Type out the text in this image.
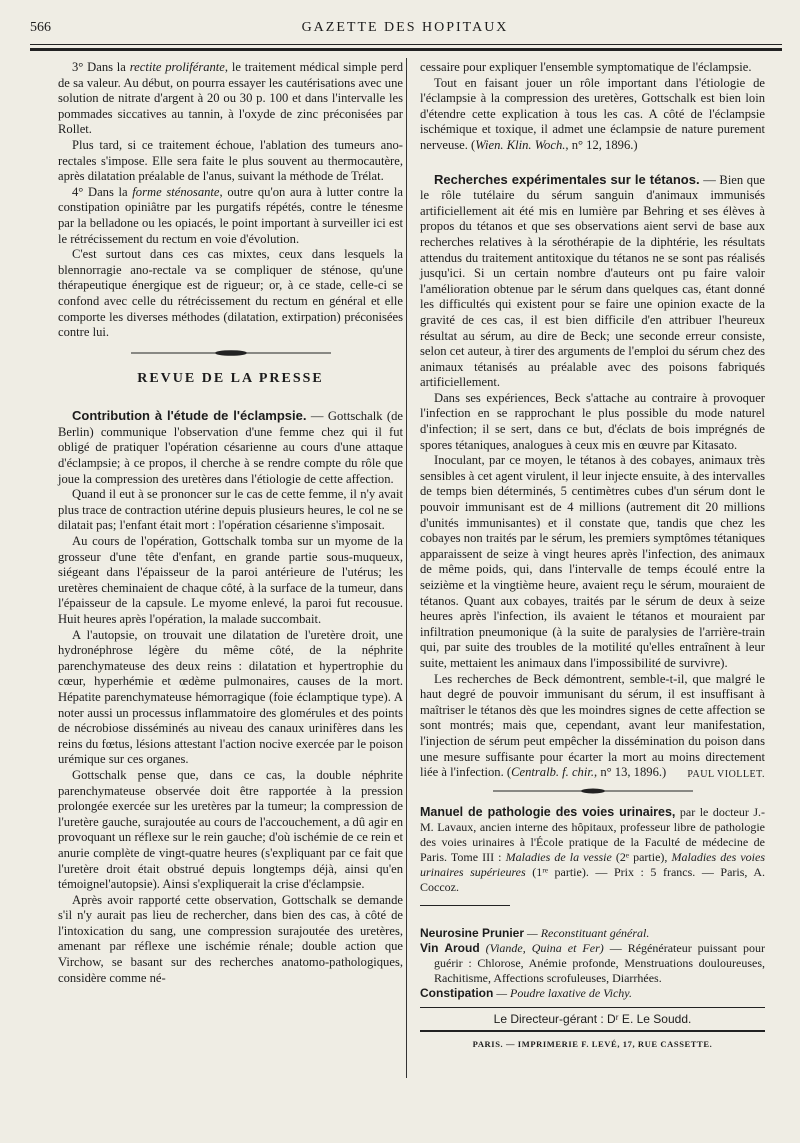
566	GAZETTE DES HOPITAUX

3° Dans la rectite proliférante, le traitement médical simple perd de sa valeur. Au début, on pourra essayer les cautérisations avec une solution de nitrate d'argent à 20 ou 30 p. 100 et dans l'intervalle les pommades siccatives au tannin, à l'oxyde de zinc préconisées par Rollet.

Plus tard, si ce traitement échoue, l'ablation des tumeurs ano-rectales s'impose. Elle sera faite le plus souvent au thermocautère, après dilatation préalable de l'anus, suivant la méthode de Trélat.

4° Dans la forme sténosante, outre qu'on aura à lutter contre la constipation opiniâtre par les purgatifs répétés, contre le ténesme par la belladone ou les opiacés, le point important à surveiller ici est le rétrécissement du rectum en voie d'évolution.

C'est surtout dans ces cas mixtes, ceux dans lesquels la blennorragie ano-rectale va se compliquer de sténose, qu'une thérapeutique énergique est de rigueur; or, à ce stade, celle-ci se confond avec celle du rétrécissement du rectum en général et elle comporte les diverses méthodes (dilatation, extirpation) préconisées contre lui.

REVUE DE LA PRESSE

Contribution à l'étude de l'éclampsie. — Gottschalk (de Berlin) communique l'observation d'une femme chez qui il fut obligé de pratiquer l'opération césarienne au cours d'une attaque d'éclampsie; à ce propos, il cherche à se rendre compte du rôle que joue la compression des uretères dans l'étiologie de cette affection.

Quand il eut à se prononcer sur le cas de cette femme, il n'y avait plus trace de contraction utérine depuis plusieurs heures, le col ne se dilatait pas; l'enfant était mort : l'opération césarienne s'imposait.

Au cours de l'opération, Gottschalk tomba sur un myome de la grosseur d'une tête d'enfant, en grande partie sous-muqueux, siégeant dans l'épaisseur de la paroi antérieure de l'utérus; les uretères cheminaient de chaque côté, à la surface de la tumeur, dans l'épaisseur de la capsule. Le myome enlevé, la paroi fut recousue. Huit heures après l'opération, la malade succombait.

A l'autopsie, on trouvait une dilatation de l'uretère droit, une hydronéphrose légère du même côté, de la néphrite parenchymateuse des deux reins : dilatation et hypertrophie du cœur, hyperhémie et œdème pulmonaires, causes de la mort. Hépatite parenchymateuse hémorragique (foie éclamptique type). A noter aussi un processus inflammatoire des glomérules et des points de nécrobiose disséminés au niveau des canaux urinifères dans les reins du fœtus, lésions attestant l'action nocive exercée par le poison urémique sur ces organes.

Gottschalk pense que, dans ce cas, la double néphrite parenchymateuse observée doit être rapportée à la pression prolongée exercée sur les uretères par la tumeur; la compression de l'uretère gauche, surajoutée au cours de l'accouchement, a dû agir en provoquant un réflexe sur le rein gauche; d'où ischémie de ce rein et anurie complète de vingt-quatre heures (s'expliquant par ce fait que l'uretère droit était obstrué depuis longtemps déjà, ainsi qu'en témoignel'autopsie). Ainsi s'expliquerait la crise d'éclampsie.

Après avoir rapporté cette observation, Gottschalk se demande s'il n'y aurait pas lieu de rechercher, dans bien des cas, à côté de l'intoxication du sang, une compression surajoutée des uretères, amenant par réflexe une ischémie rénale; double action que Virchow, se basant sur des recherches anatomo-pathologiques, considère comme né-

cessaire pour expliquer l'ensemble symptomatique de l'éclampsie.

Tout en faisant jouer un rôle important dans l'étiologie de l'éclampsie à la compression des uretères, Gottschalk est bien loin d'étendre cette explication à tous les cas. A côté de l'éclampsie ischémique et toxique, il admet une éclampsie de nature purement nerveuse. (Wien. Klin. Woch., n° 12, 1896.)

Recherches expérimentales sur le tétanos. — Bien que le rôle tutélaire du sérum sanguin d'animaux immunisés artificiellement ait été mis en lumière par Behring et ses élèves à propos du tétanos et que ses observations aient servi de base aux recherches relatives à la sérothérapie de la diphtérie, les résultats attendus du traitement antitoxique du tétanos ne se sont pas réalisés jusqu'ici. Si un certain nombre d'auteurs ont pu faire valoir l'amélioration obtenue par le sérum dans quelques cas, étant donné les difficultés qui existent pour se faire une opinion exacte de la gravité de ces cas, il est bien difficile d'en attribuer l'heureux résultat au sérum, au dire de Beck; une seconde erreur consiste, selon cet auteur, à tirer des arguments de l'emploi du sérum chez des animaux tétanisés au préalable avec des poisons fabriqués artificiellement.

Dans ses expériences, Beck s'attache au contraire à provoquer l'infection en se rapprochant le plus possible du mode naturel d'infection; il se sert, dans ce but, d'éclats de bois imprégnés de spores tétaniques, analogues à ceux mis en œuvre par Kitasato.

Inoculant, par ce moyen, le tétanos à des cobayes, animaux très sensibles à cet agent virulent, il leur injecte ensuite, à des intervalles de temps bien déterminés, 5 centimètres cubes d'un sérum dont le pouvoir immunisant est de 4 millions (autrement dit 20 millions d'unités immunisantes) et il constate que, tandis que chez les cobayes non traités par le sérum, les premiers symptômes tétaniques apparaissent de seize à vingt heures après l'infection, des animaux de même poids, qui, dans l'intervalle de temps écoulé entre la seizième et la vingtième heure, avaient reçu le sérum, mouraient de tétanos. Quant aux cobayes, traités par le sérum de deux à seize heures après l'infection, ils avaient le tétanos et mouraient par infiltration pneumonique (à la suite de paralysies de l'arrière-train qui, par suite des troubles de la motilité qu'elles entraînent à leur suite, mettaient les animaux dans l'impossibilité de survivre).

Les recherches de Beck démontrent, semble-t-il, que malgré le haut degré de pouvoir immunisant du sérum, il est insuffisant à maîtriser le tétanos dès que les moindres signes de cette affection se sont montrés; mais que, cependant, avant leur manifestation, l'injection de sérum peut empêcher la dissémination du poison dans une mesure suffisante pour écarter la mort au moins directement liée à l'infection. (Centralb. f. chir., n° 13, 1896.)	PAUL VIOLLET.

Manuel de pathologie des voies urinaires, par le docteur J.-M. Lavaux, ancien interne des hôpitaux, professeur libre de pathologie des voies urinaires à l'École pratique de la Faculté de médecine de Paris. Tome III : Maladies de la vessie (2ᵉ partie), Maladies des voies urinaires supérieures (1ʳᵉ partie). — Prix : 5 francs. — Paris, A. Coccoz.

Neurosine Prunier — Reconstituant général.

Vin Aroud (Viande, Quina et Fer) — Régénérateur puissant pour guérir : Chlorose, Anémie profonde, Menstruations douloureuses, Rachitisme, Affections scrofuleuses, Diarrhées.

Constipation — Poudre laxative de Vichy.

Le Directeur-gérant : Dʳ E. Le Soudd.
PARIS. — IMPRIMERIE F. LEVÉ, 17, RUE CASSETTE.
